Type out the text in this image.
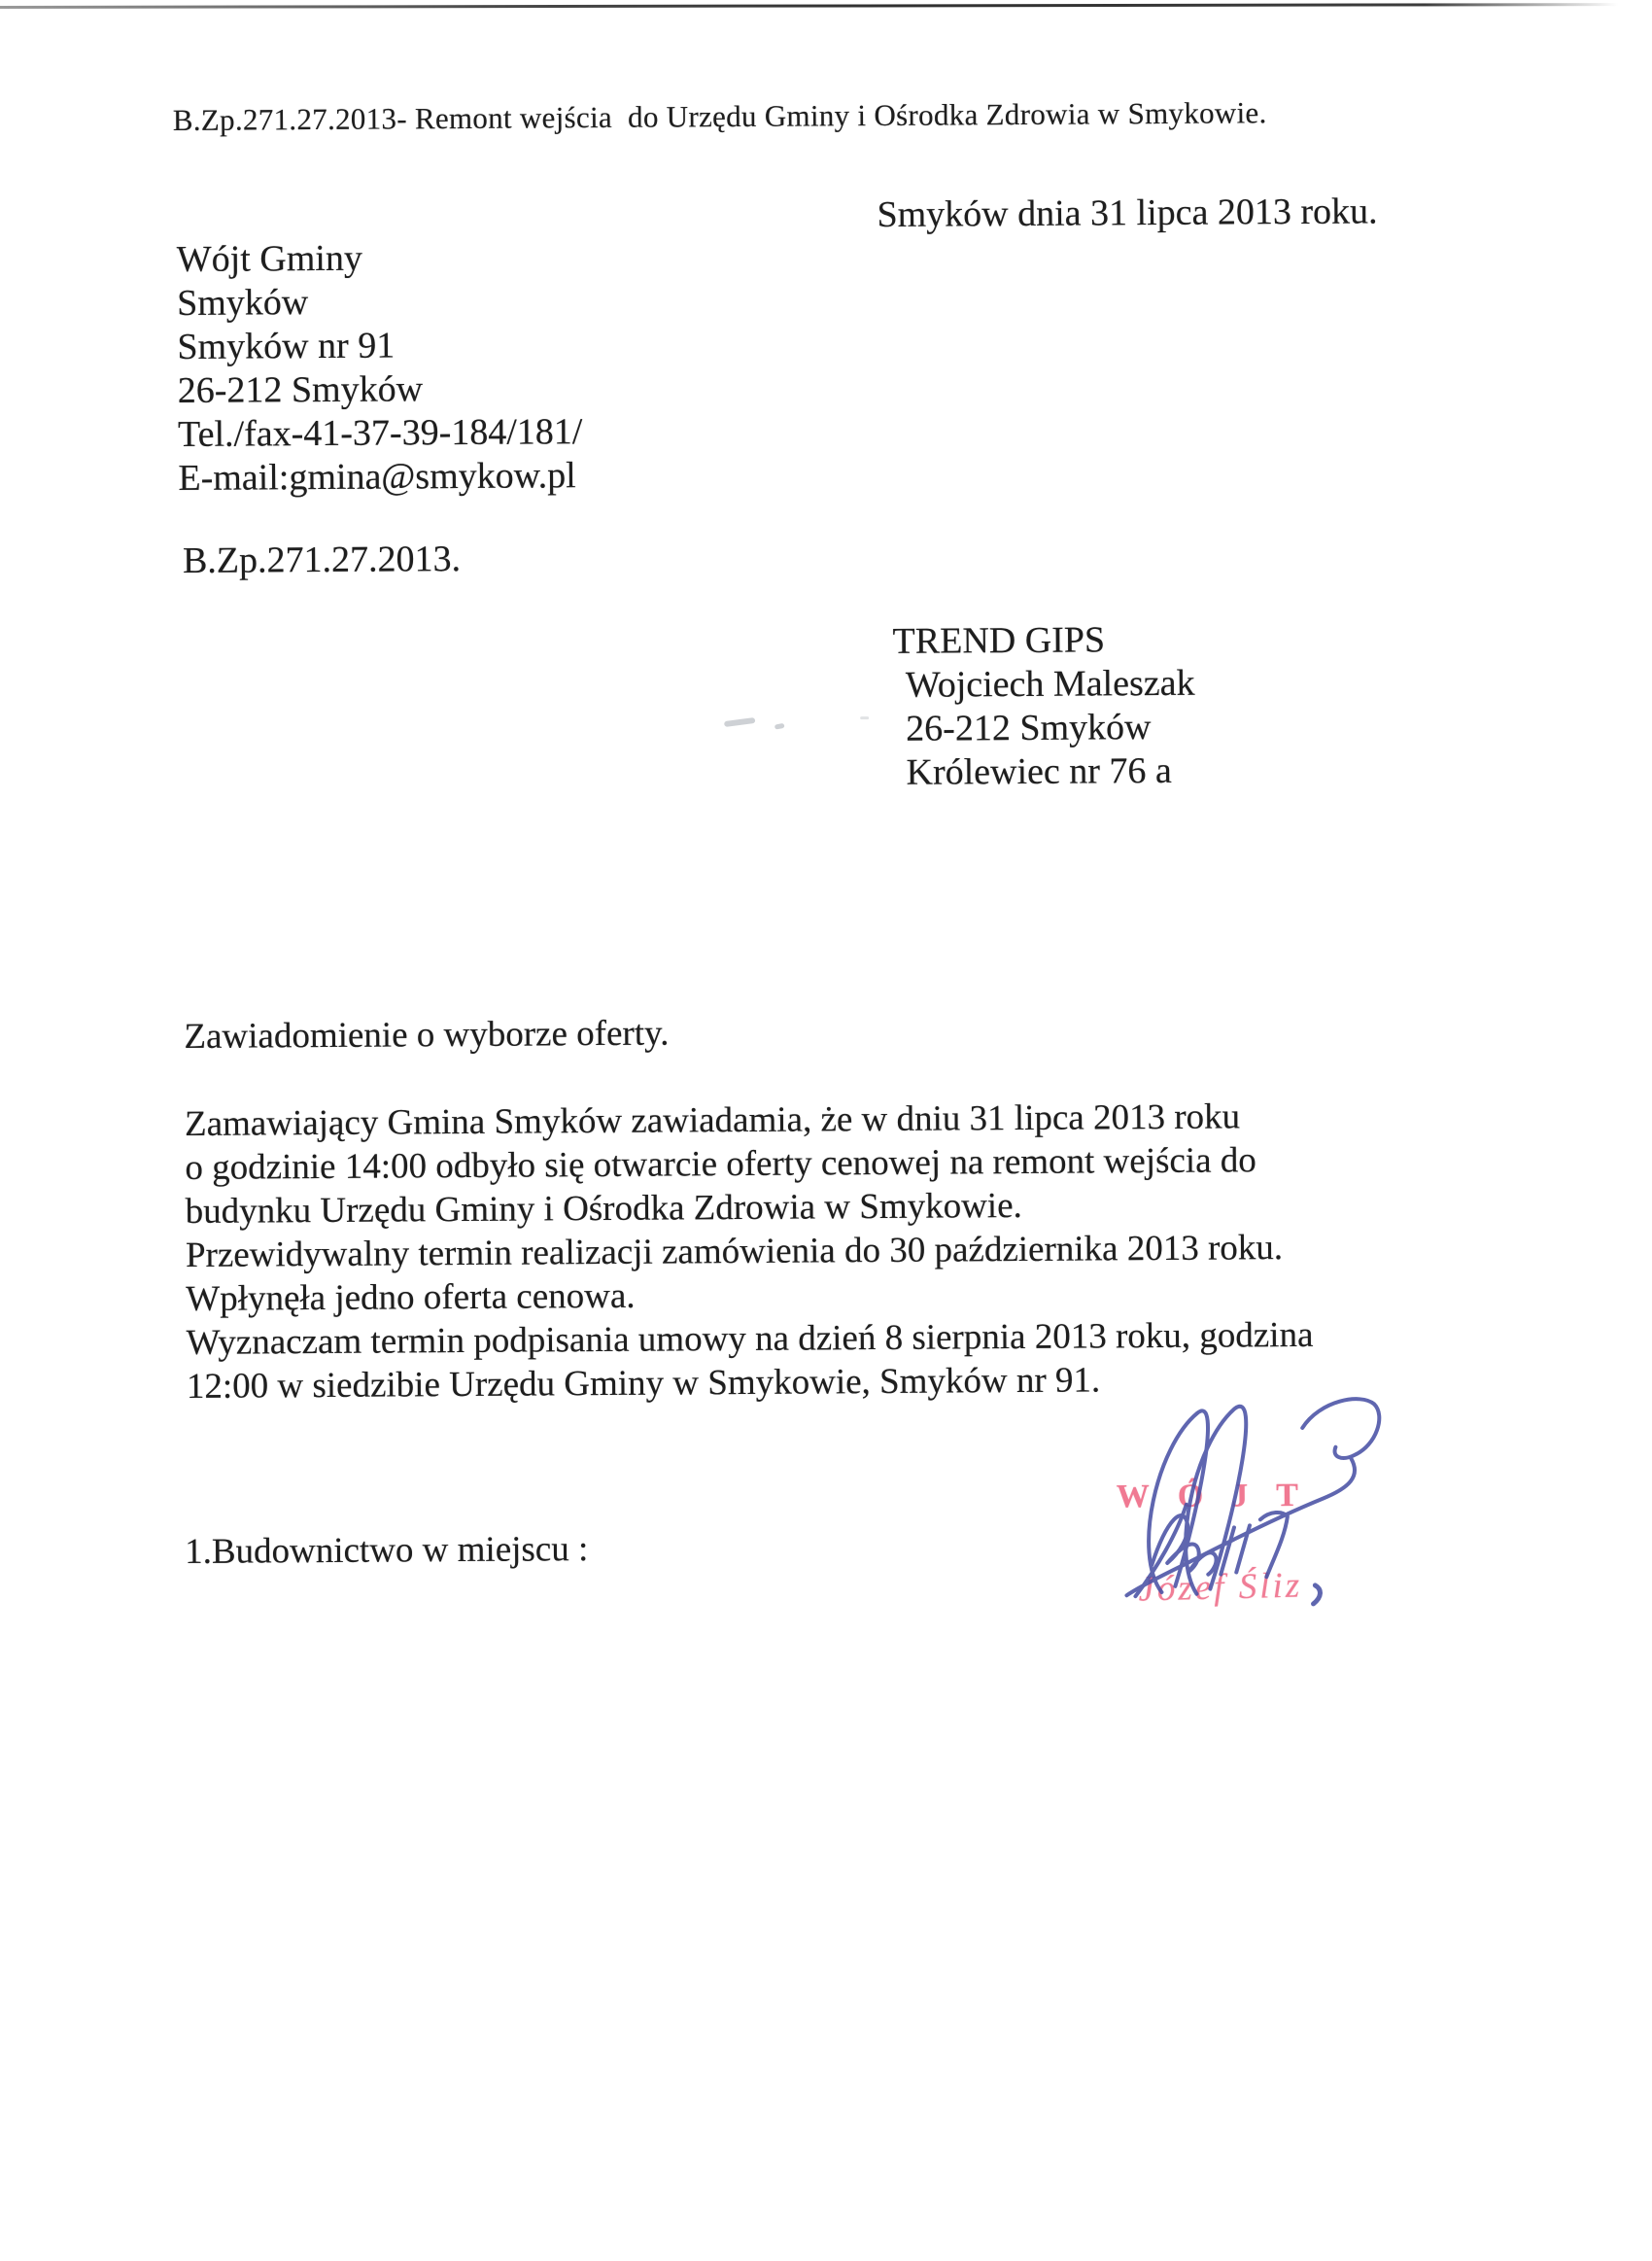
B.Zp.271.27.2013- Remont wejścia  do Urzędu Gminy i Ośrodka Zdrowia w Smykowie.
Smyków dnia 31 lipca 2013 roku.
Wójt Gminy
Smyków
Smyków nr 91
26-212 Smyków
Tel./fax-41-37-39-184/181/
E-mail:gmina@smykow.pl
B.Zp.271.27.2013.
TREND GIPS
Wojciech Maleszak
26-212 Smyków
Królewiec nr 76 a
Zawiadomienie o wyborze oferty.
Zamawiający Gmina Smyków zawiadamia, że w dniu 31 lipca 2013 roku
o godzinie 14:00 odbyło się otwarcie oferty cenowej na remont wejścia do
budynku Urzędu Gminy i Ośrodka Zdrowia w Smykowie.
Przewidywalny termin realizacji zamówienia do 30 października 2013 roku.
Wpłynęła jedno oferta cenowa.
Wyznaczam termin podpisania umowy na dzień 8 sierpnia 2013 roku, godzina
12:00 w siedzibie Urzędu Gminy w Smykowie, Smyków nr 91.
1.Budownictwo w miejscu :
WÓJT
Józef Śliz
